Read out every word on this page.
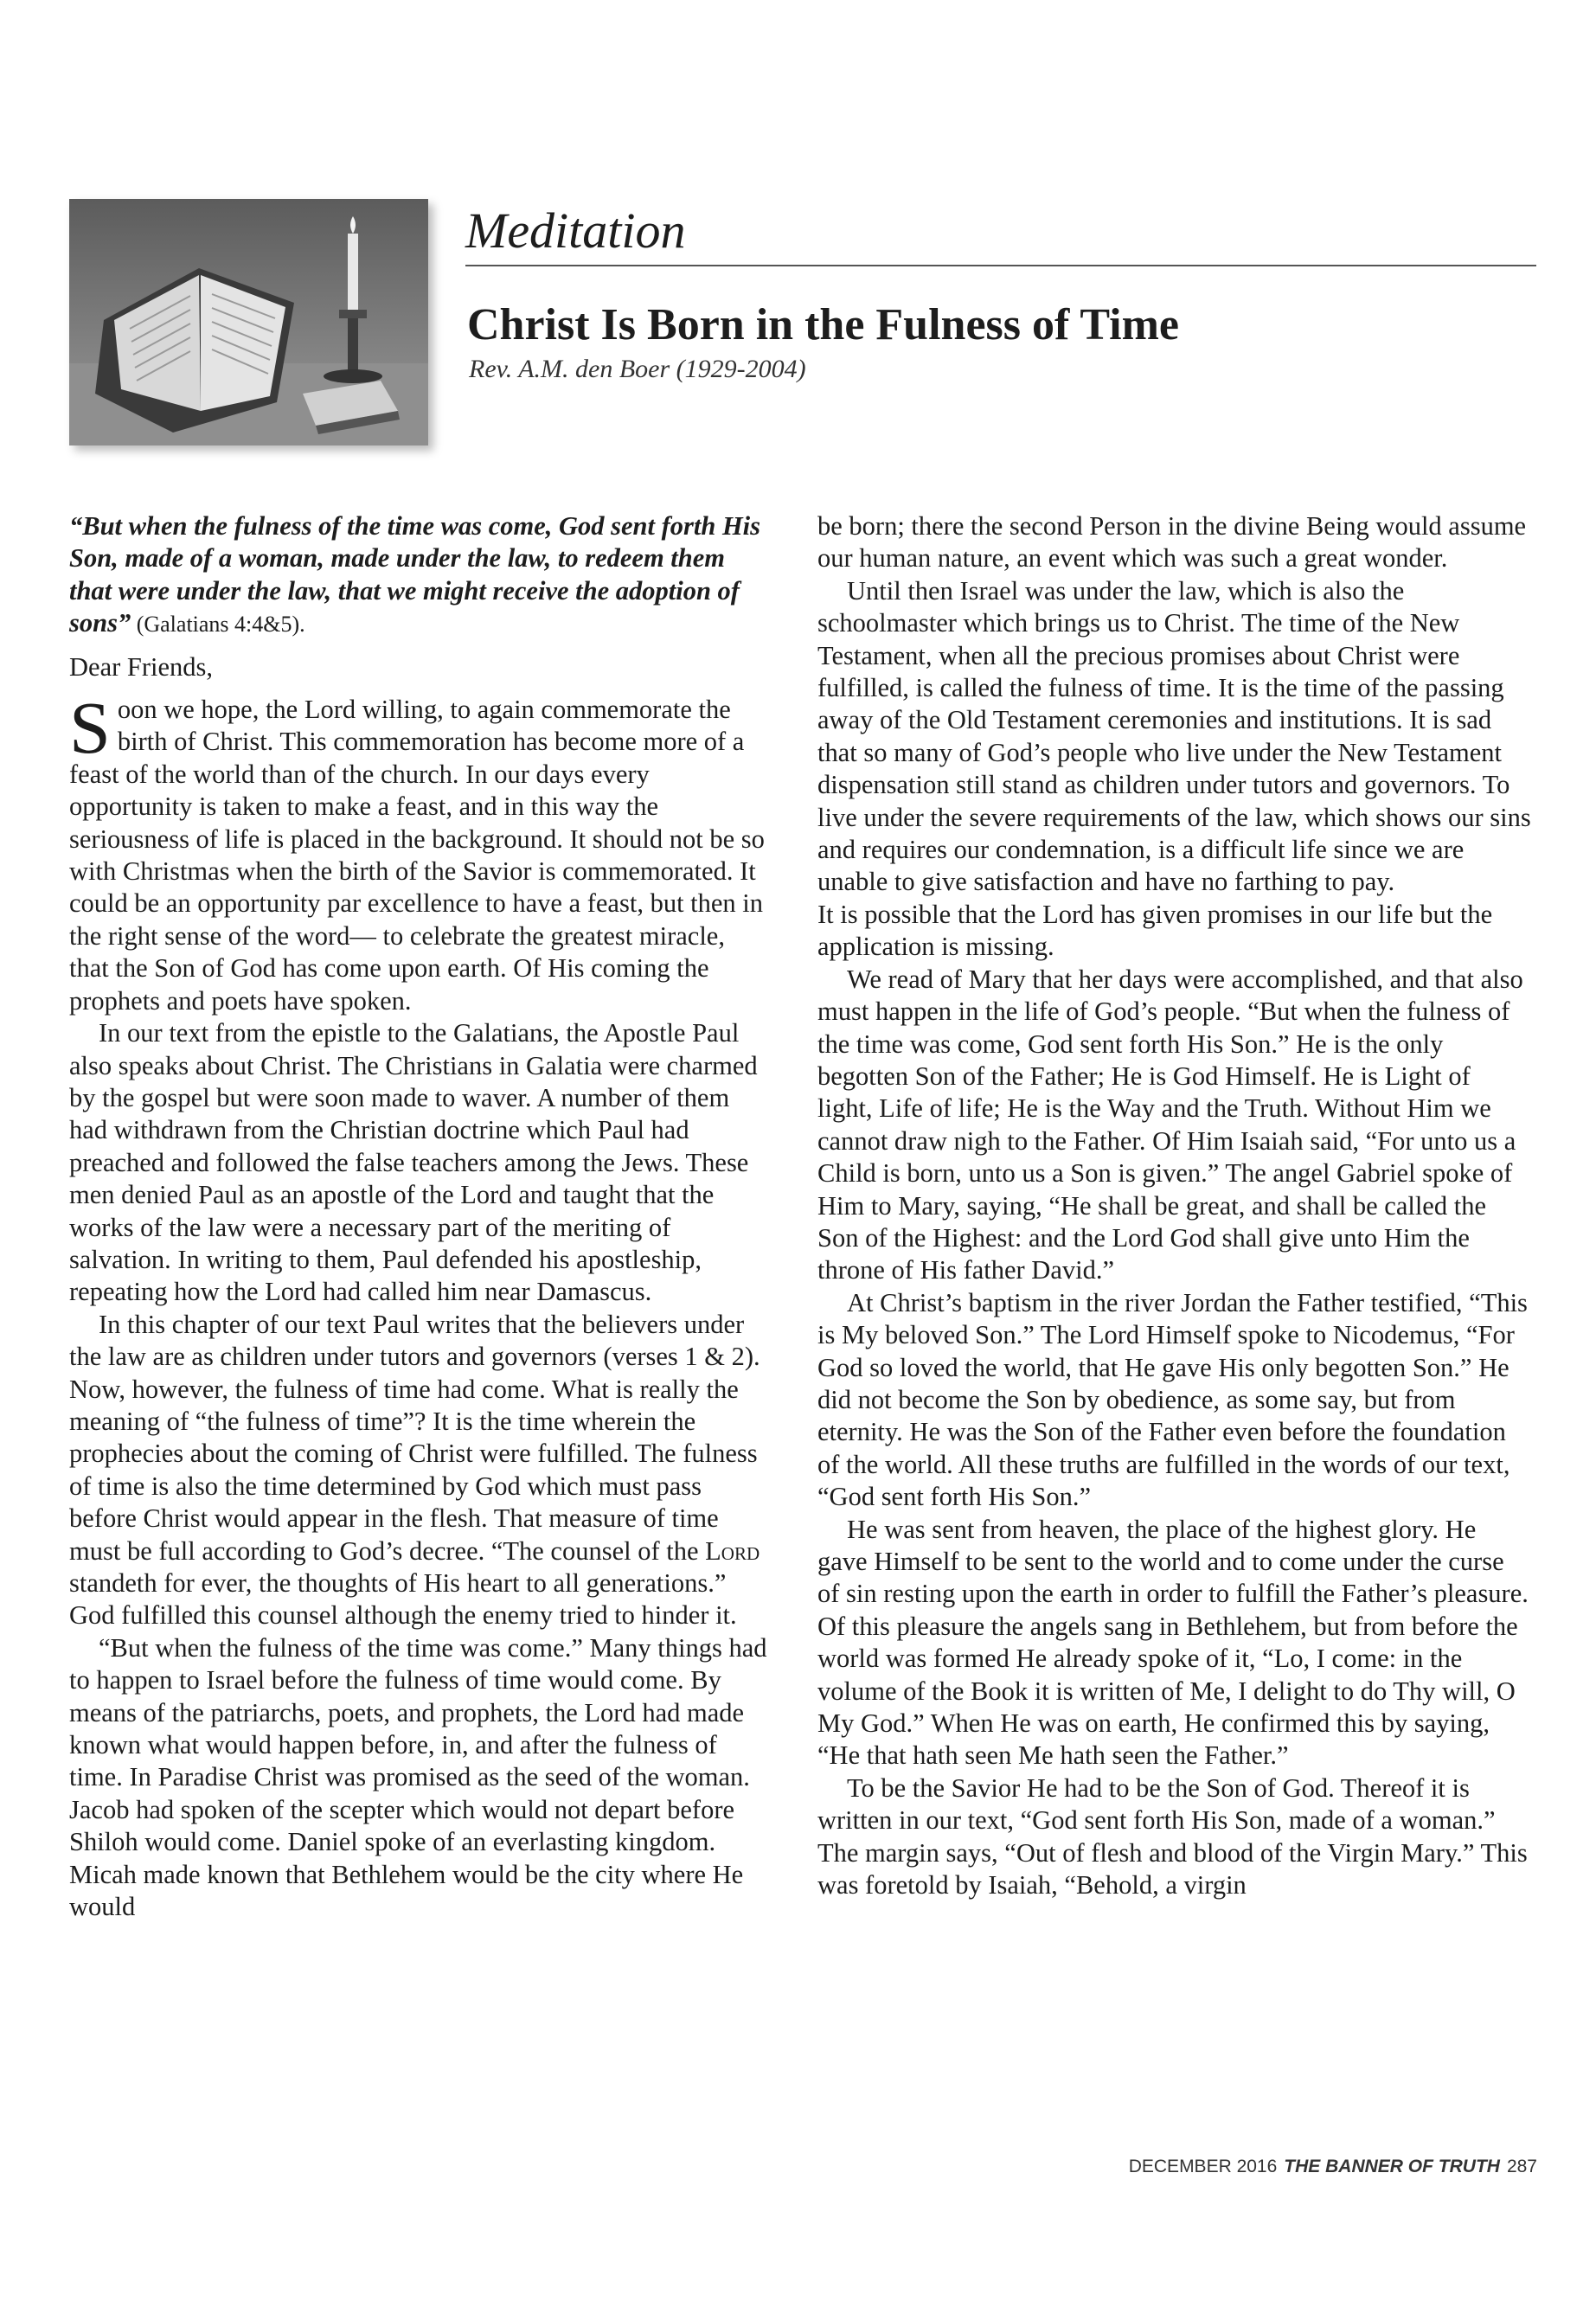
Meditation
Christ Is Born in the Fulness of Time
Rev. A.M. den Boer (1929-2004)

“But when the fulness of the time was come, God sent forth His Son, made of a woman, made under the law, to redeem them that were under the law, that we might receive the adoption of sons” (Galatians 4:4&5).

Dear Friends,

Soon we hope, the Lord willing, to again commemorate the birth of Christ. This commemoration has become more of a feast of the world than of the church. In our days every opportunity is taken to make a feast, and in this way the seriousness of life is placed in the background. It should not be so with Christmas when the birth of the Savior is commemorated. It could be an opportunity par excellence to have a feast, but then in the right sense of the word— to celebrate the greatest miracle, that the Son of God has come upon earth. Of His coming the prophets and poets have spoken.

In our text from the epistle to the Galatians, the Apostle Paul also speaks about Christ. The Christians in Galatia were charmed by the gospel but were soon made to waver. A number of them had withdrawn from the Christian doctrine which Paul had preached and followed the false teachers among the Jews. These men denied Paul as an apostle of the Lord and taught that the works of the law were a necessary part of the meriting of salvation. In writing to them, Paul defended his apostleship, repeating how the Lord had called him near Damascus.

In this chapter of our text Paul writes that the believers under the law are as children under tutors and governors (verses 1 & 2). Now, however, the fulness of time had come. What is really the meaning of “the fulness of time”? It is the time wherein the prophecies about the coming of Christ were fulfilled. The fulness of time is also the time determined by God which must pass before Christ would appear in the flesh. That measure of time must be full according to God’s decree. “The counsel of the Lord standeth for ever, the thoughts of His heart to all generations.” God fulfilled this counsel although the enemy tried to hinder it.

“But when the fulness of the time was come.” Many things had to happen to Israel before the fulness of time would come. By means of the patriarchs, poets, and prophets, the Lord had made known what would happen before, in, and after the fulness of time. In Paradise Christ was promised as the seed of the woman. Jacob had spoken of the scepter which would not depart before Shiloh would come. Daniel spoke of an everlasting kingdom. Micah made known that Bethlehem would be the city where He would

be born; there the second Person in the divine Being would assume our human nature, an event which was such a great wonder.

Until then Israel was under the law, which is also the schoolmaster which brings us to Christ. The time of the New Testament, when all the precious promises about Christ were fulfilled, is called the fulness of time. It is the time of the passing away of the Old Testament ceremonies and institutions. It is sad that so many of God’s people who live under the New Testament dispensation still stand as children under tutors and governors. To live under the severe requirements of the law, which shows our sins and requires our condemnation, is a difficult life since we are unable to give satisfaction and have no farthing to pay.

It is possible that the Lord has given promises in our life but the application is missing.

We read of Mary that her days were accomplished, and that also must happen in the life of God’s people. “But when the fulness of the time was come, God sent forth His Son.” He is the only begotten Son of the Father; He is God Himself. He is Light of light, Life of life; He is the Way and the Truth. Without Him we cannot draw nigh to the Father. Of Him Isaiah said, “For unto us a Child is born, unto us a Son is given.” The angel Gabriel spoke of Him to Mary, saying, “He shall be great, and shall be called the Son of the Highest: and the Lord God shall give unto Him the throne of His father David.”

At Christ’s baptism in the river Jordan the Father testified, “This is My beloved Son.” The Lord Himself spoke to Nicodemus, “For God so loved the world, that He gave His only begotten Son.” He did not become the Son by obedience, as some say, but from eternity. He was the Son of the Father even before the foundation of the world. All these truths are fulfilled in the words of our text, “God sent forth His Son.”

He was sent from heaven, the place of the highest glory. He gave Himself to be sent to the world and to come under the curse of sin resting upon the earth in order to fulfill the Father’s pleasure. Of this pleasure the angels sang in Bethlehem, but from before the world was formed He already spoke of it, “Lo, I come: in the volume of the Book it is written of Me, I delight to do Thy will, O My God.” When He was on earth, He confirmed this by saying, “He that hath seen Me hath seen the Father.”

To be the Savior He had to be the Son of God. Thereof it is written in our text, “God sent forth His Son, made of a woman.” The margin says, “Out of flesh and blood of the Virgin Mary.” This was foretold by Isaiah, “Behold, a virgin

DECEMBER 2016 THE BANNER OF TRUTH 287
